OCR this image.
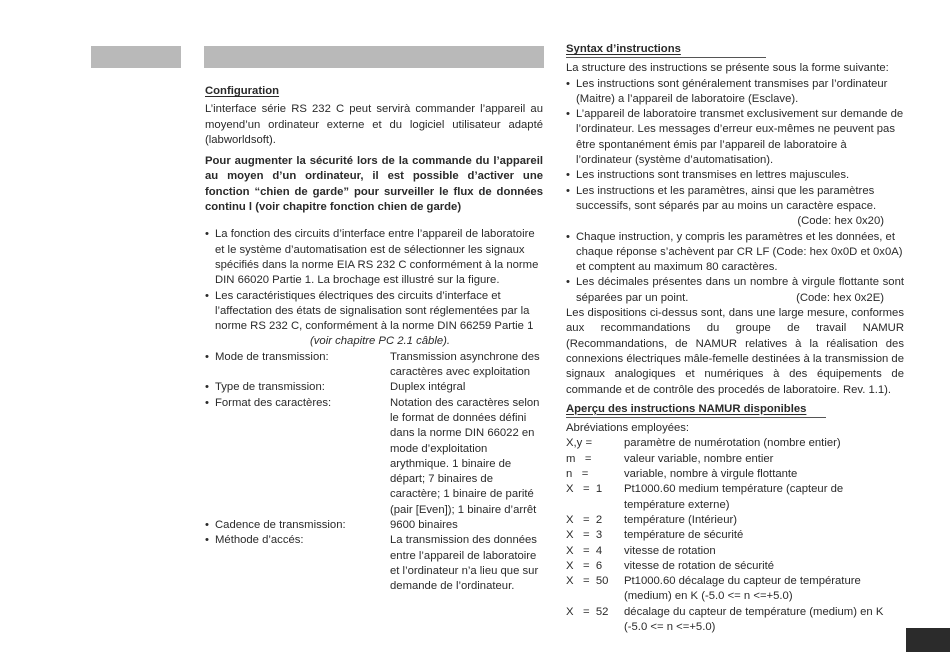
Configuration

L’interface série RS 232 C peut servirà commander l’appareil au moyend’un ordinateur externe et du logiciel utilisateur adapté (labworldsoft).

Pour augmenter la sécurité lors de la commande du l’appareil au moyen d’un ordinateur, il est possible d’activer une fonction “chien de garde” pour surveiller le flux de données continu l (voir chapitre fonction chien de garde)

• La fonction des circuits d’interface entre l’appareil de laboratoire et le système d’automatisation est de sélectionner les signaux spécifiés dans la norme EIA RS 232 C conformément à la norme DIN 66020 Partie 1. La brochage est illustré sur la figure.
• Les caractéristiques électriques des circuits d’interface et l’affectation des états de signalisation sont réglementées par la norme RS 232 C, conformément à la norme DIN 66259 Partie 1

(voir chapitre PC 2.1 câble).

• Mode de transmission:	Transmission asynchrone des caractères avec exploitation
• Type de transmission:	Duplex intégral
• Format des caractères:	Notation des caractères selon le format de données défini dans la norme DIN 66022 en mode d’exploitation arythmique. 1 binaire de départ; 7 binaires de caractère; 1 binaire de parité (pair [Even]); 1 binaire d’arrêt
• Cadence de transmission:	9600 binaires
• Méthode d’accés:	La transmission des données entre l’appareil de laboratoire et l’ordinateur n’a lieu que sur demande de l’ordinateur.
Syntax d’instructions

La structure des instructions se présente sous la forme suivante:

• Les instructions sont généralement transmises par l’ordinateur (Maitre) a l’appareil de laboratoire (Esclave).
• L’appareil de laboratoire transmet exclusivement sur demande de l’ordinateur. Les messages d’erreur eux-mêmes ne peuvent pas être spontanément émis par l’appareil de laboratoire à l’ordinateur (système d’automatisation).
• Les instructions sont transmises en lettres majuscules.
• Les instructions et les paramètres, ainsi que les paramètres successifs, sont séparés par au moins un caractère espace.
(Code: hex 0x20)
• Chaque instruction, y compris les paramètres et les données, et chaque réponse s’achèvent par CR LF (Code: hex 0x0D et 0x0A) et comptent au maximum 80 caractères.
• Les décimales présentes dans un nombre à virgule flottante sont séparées par un point.	(Code: hex 0x2E)

Les dispositions ci-dessus sont, dans une large mesure, conformes aux recommandations du groupe de travail NAMUR (Recommandations, de NAMUR relatives à la réalisation des connexions électriques mâle-femelle destinées à la transmission de signaux analogiques et numériques à des équipements de commande et de contrôle des procedés de laboratoire. Rev. 1.1).

Aperçu des instructions NAMUR disponibles

Abréviations employées:

X,y =	paramètre de numérotation (nombre entier)
m   =	valeur variable, nombre entier
n   =	variable, nombre à virgule flottante
X   =  1	Pt1000.60 medium température (capteur de température externe)
X   =  2	température (Intérieur)
X   =  3	température de sécurité
X   =  4	vitesse de rotation
X   =  6	vitesse de rotation de sécurité
X   =  50	Pt1000.60 décalage du capteur de température (medium) en K (-5.0 <= n <=+5.0)
X   =  52	décalage du capteur de température (medium) en K (-5.0 <= n <=+5.0)
